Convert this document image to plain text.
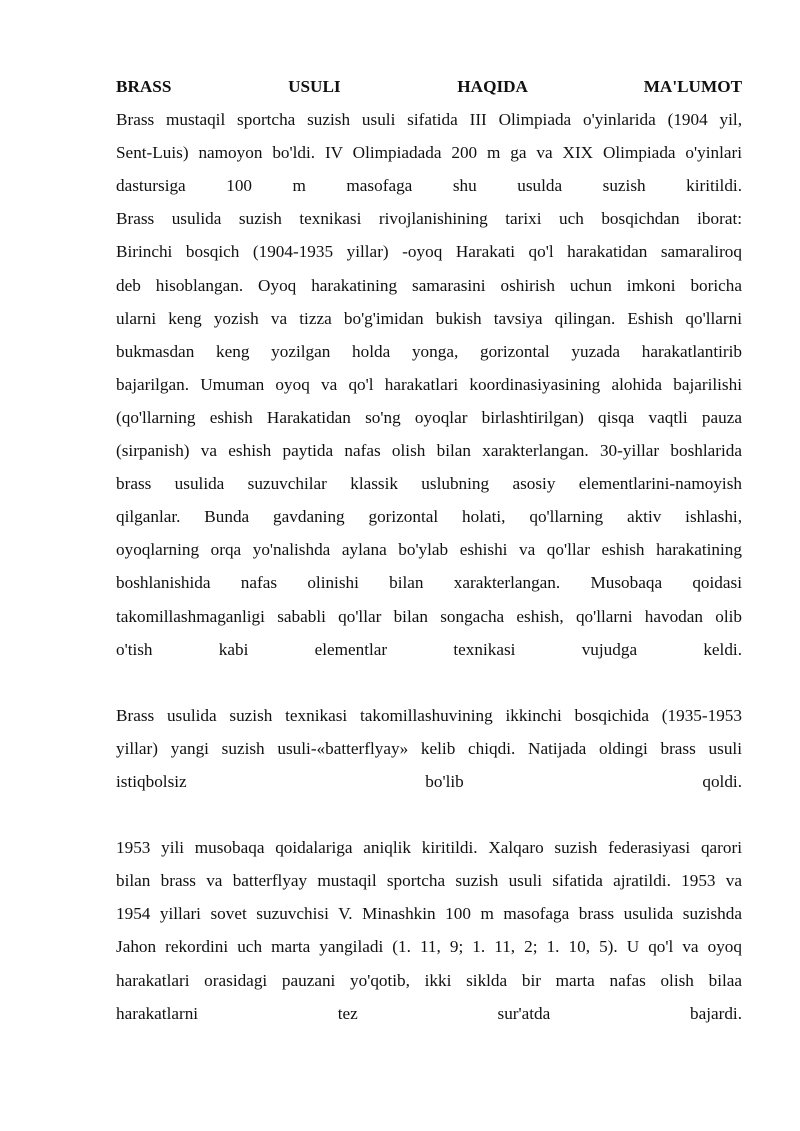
BRASS	USULI	HAQIDA	MA'LUMOT
Brass mustaqil sportcha suzish usuli sifatida III Olimpiada o'yinlarida (1904 yil,
Sent-Luis) namoyon bo'ldi. IV Olimpiadada 200 m ga va XIX Olimpiada o'yinlari
dastursiga 100 m masofaga shu usulda suzish kiritildi.
Brass usulida suzish texnikasi rivojlanishining tarixi uch bosqichdan iborat:
Birinchi bosqich (1904-1935 yillar) -oyoq Harakati qo'l harakatidan samaraliroq
deb hisoblangan. Oyoq harakatining samarasini oshirish uchun imkoni boricha
ularni keng yozish va tizza bo'g'imidan bukish tavsiya qilingan. Eshish qo'llarni
bukmasdan keng yozilgan holda yonga, gorizontal yuzada harakatlantirib
bajarilgan. Umuman oyoq va qo'l harakatlari koordinasiyasining alohida bajarilishi
(qo'llarning eshish Harakatidan so'ng oyoqlar birlashtirilgan) qisqa vaqtli pauza
(sirpanish) va eshish paytida nafas olish bilan xarakterlangan. 30-yillar boshlarida
brass usulida suzuvchilar klassik uslubning asosiy elementlarini-namoyish
qilganlar. Bunda gavdaning gorizontal holati, qo'llarning aktiv ishlashi,
oyoqlarning orqa yo'nalishda aylana bo'ylab eshishi va qo'llar eshish harakatining
boshlanishida nafas olinishi bilan xarakterlangan. Musobaqa qoidasi
takomillashmaganligi sababli qo'llar bilan songacha eshish, qo'llarni havodan olib
o'tish kabi elementlar texnikasi vujudga keldi.
Brass usulida suzish texnikasi takomillashuvining ikkinchi bosqichida (1935-1953
yillar) yangi suzish usuli-«batterflyay» kelib chiqdi. Natijada oldingi brass usuli
istiqbolsiz bo'lib qoldi.
1953 yili musobaqa qoidalariga aniqlik kiritildi. Xalqaro suzish federasiyasi qarori
bilan brass va batterflyay mustaqil sportcha suzish usuli sifatida ajratildi. 1953 va
1954 yillari sovet suzuvchisi V. Minashkin 100 m masofaga brass usulida suzishda
Jahon rekordini uch marta yangiladi (1. 11, 9; 1. 11, 2; 1. 10, 5). U qo'l va oyoq
harakatlari orasidagi pauzani yo'qotib, ikki siklda bir marta nafas olish bilaa
harakatlarni tez sur'atda bajardi.
